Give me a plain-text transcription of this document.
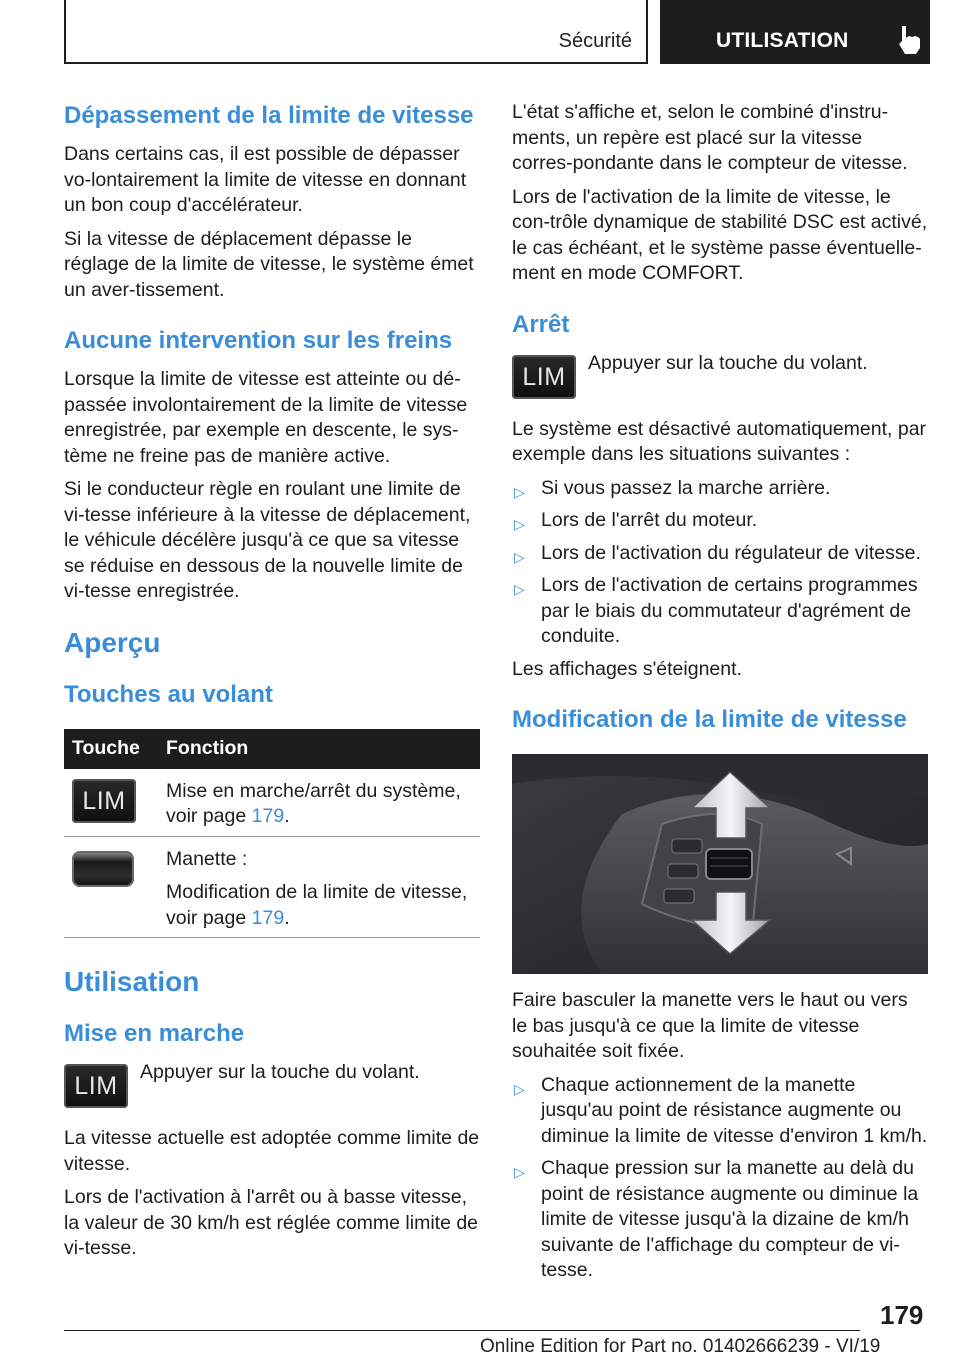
Sécurité	UTILISATION
Dépassement de la limite de vitesse

Dans certains cas, il est possible de dépasser vo-lontairement la limite de vitesse en donnant un bon coup d'accélérateur.

Si la vitesse de déplacement dépasse le réglage de la limite de vitesse, le système émet un aver-tissement.

Aucune intervention sur les freins

Lorsque la limite de vitesse est atteinte ou dé-passée involontairement de la limite de vitesse enregistrée, par exemple en descente, le sys-tème ne freine pas de manière active.

Si le conducteur règle en roulant une limite de vi-tesse inférieure à la vitesse de déplacement, le véhicule décélère jusqu'à ce que sa vitesse se réduise en dessous de la nouvelle limite de vi-tesse enregistrée.

Aperçu
Touches au volant
Touche	Fonction
LIM	Mise en marche/arrêt du système,
voir page 179.

	Manette :

Modification de la limite de vitesse,
voir page 179.
Utilisation
Mise en marche
LIM	Appuyer sur la touche du volant.

La vitesse actuelle est adoptée comme limite de vitesse.

Lors de l'activation à l'arrêt ou à basse vitesse, la valeur de 30 km/h est réglée comme limite de vi-tesse.

L'état s'affiche et, selon le combiné d'instru-ments, un repère est placé sur la vitesse corres-pondante dans le compteur de vitesse.

Lors de l'activation de la limite de vitesse, le con-trôle dynamique de stabilité DSC est activé, le cas échéant, et le système passe éventuelle-ment en mode COMFORT.

Arrêt
LIM	Appuyer sur la touche du volant.

Le système est désactivé automatiquement, par exemple dans les situations suivantes :

▷ Si vous passez la marche arrière.
▷ Lors de l'arrêt du moteur.
▷ Lors de l'activation du régulateur de vitesse.
▷ Lors de l'activation de certains programmes par le biais du commutateur d'agrément de conduite.

Les affichages s'éteignent.

Modification de la limite de vitesse

Faire basculer la manette vers le haut ou vers le bas jusqu'à ce que la limite de vitesse souhaitée soit fixée.

▷ Chaque actionnement de la manette jusqu'au point de résistance augmente ou diminue la limite de vitesse d'environ 1 km/h.
▷ Chaque pression sur la manette au delà du point de résistance augmente ou diminue la limite de vitesse jusqu'à la dizaine de km/h suivante de l'affichage du compteur de vi-tesse.
179
Online Edition for Part no. 01402666239 - VI/19
